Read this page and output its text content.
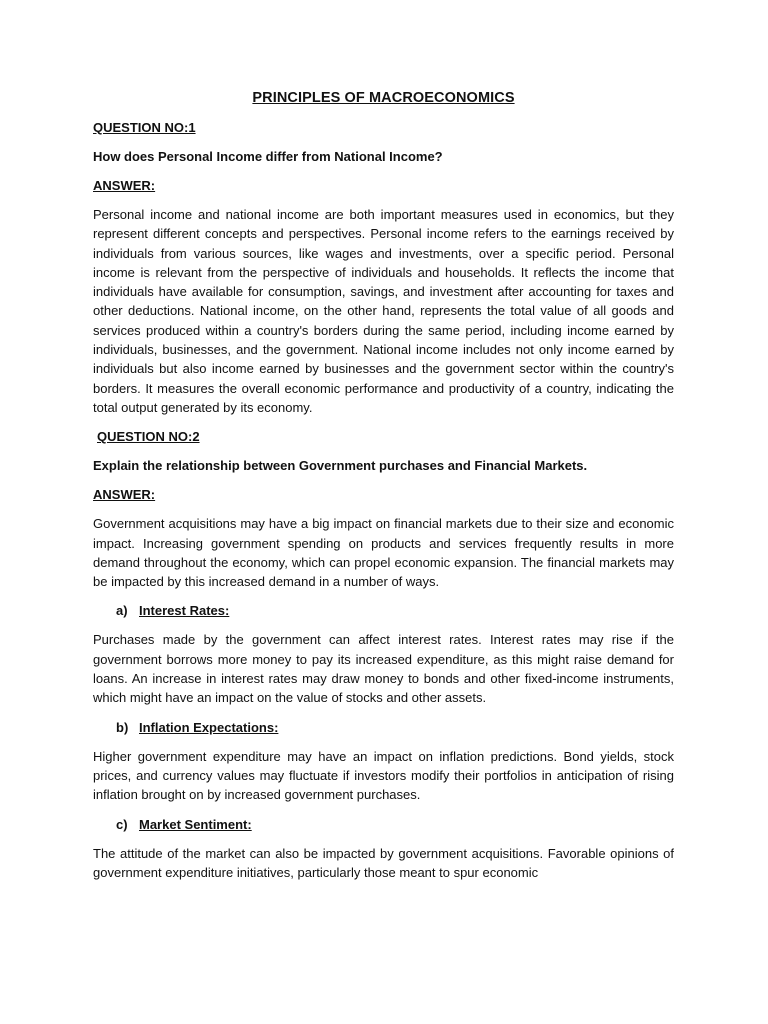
PRINCIPLES OF MACROECONOMICS
QUESTION NO:1
How does Personal Income differ from National Income?
ANSWER:
Personal income and national income are both important measures used in economics, but they represent different concepts and perspectives. Personal income refers to the earnings received by individuals from various sources, like wages and investments, over a specific period. Personal income is relevant from the perspective of individuals and households. It reflects the income that individuals have available for consumption, savings, and investment after accounting for taxes and other deductions. National income, on the other hand, represents the total value of all goods and services produced within a country's borders during the same period, including income earned by individuals, businesses, and the government. National income includes not only income earned by individuals but also income earned by businesses and the government sector within the country's borders. It measures the overall economic performance and productivity of a country, indicating the total output generated by its economy.
QUESTION NO:2
Explain the relationship between Government purchases and Financial Markets.
ANSWER:
Government acquisitions may have a big impact on financial markets due to their size and economic impact. Increasing government spending on products and services frequently results in more demand throughout the economy, which can propel economic expansion. The financial markets may be impacted by this increased demand in a number of ways.
a) Interest Rates:
Purchases made by the government can affect interest rates. Interest rates may rise if the government borrows more money to pay its increased expenditure, as this might raise demand for loans. An increase in interest rates may draw money to bonds and other fixed-income instruments, which might have an impact on the value of stocks and other assets.
b) Inflation Expectations:
Higher government expenditure may have an impact on inflation predictions. Bond yields, stock prices, and currency values may fluctuate if investors modify their portfolios in anticipation of rising inflation brought on by increased government purchases.
c) Market Sentiment:
The attitude of the market can also be impacted by government acquisitions. Favorable opinions of government expenditure initiatives, particularly those meant to spur economic
